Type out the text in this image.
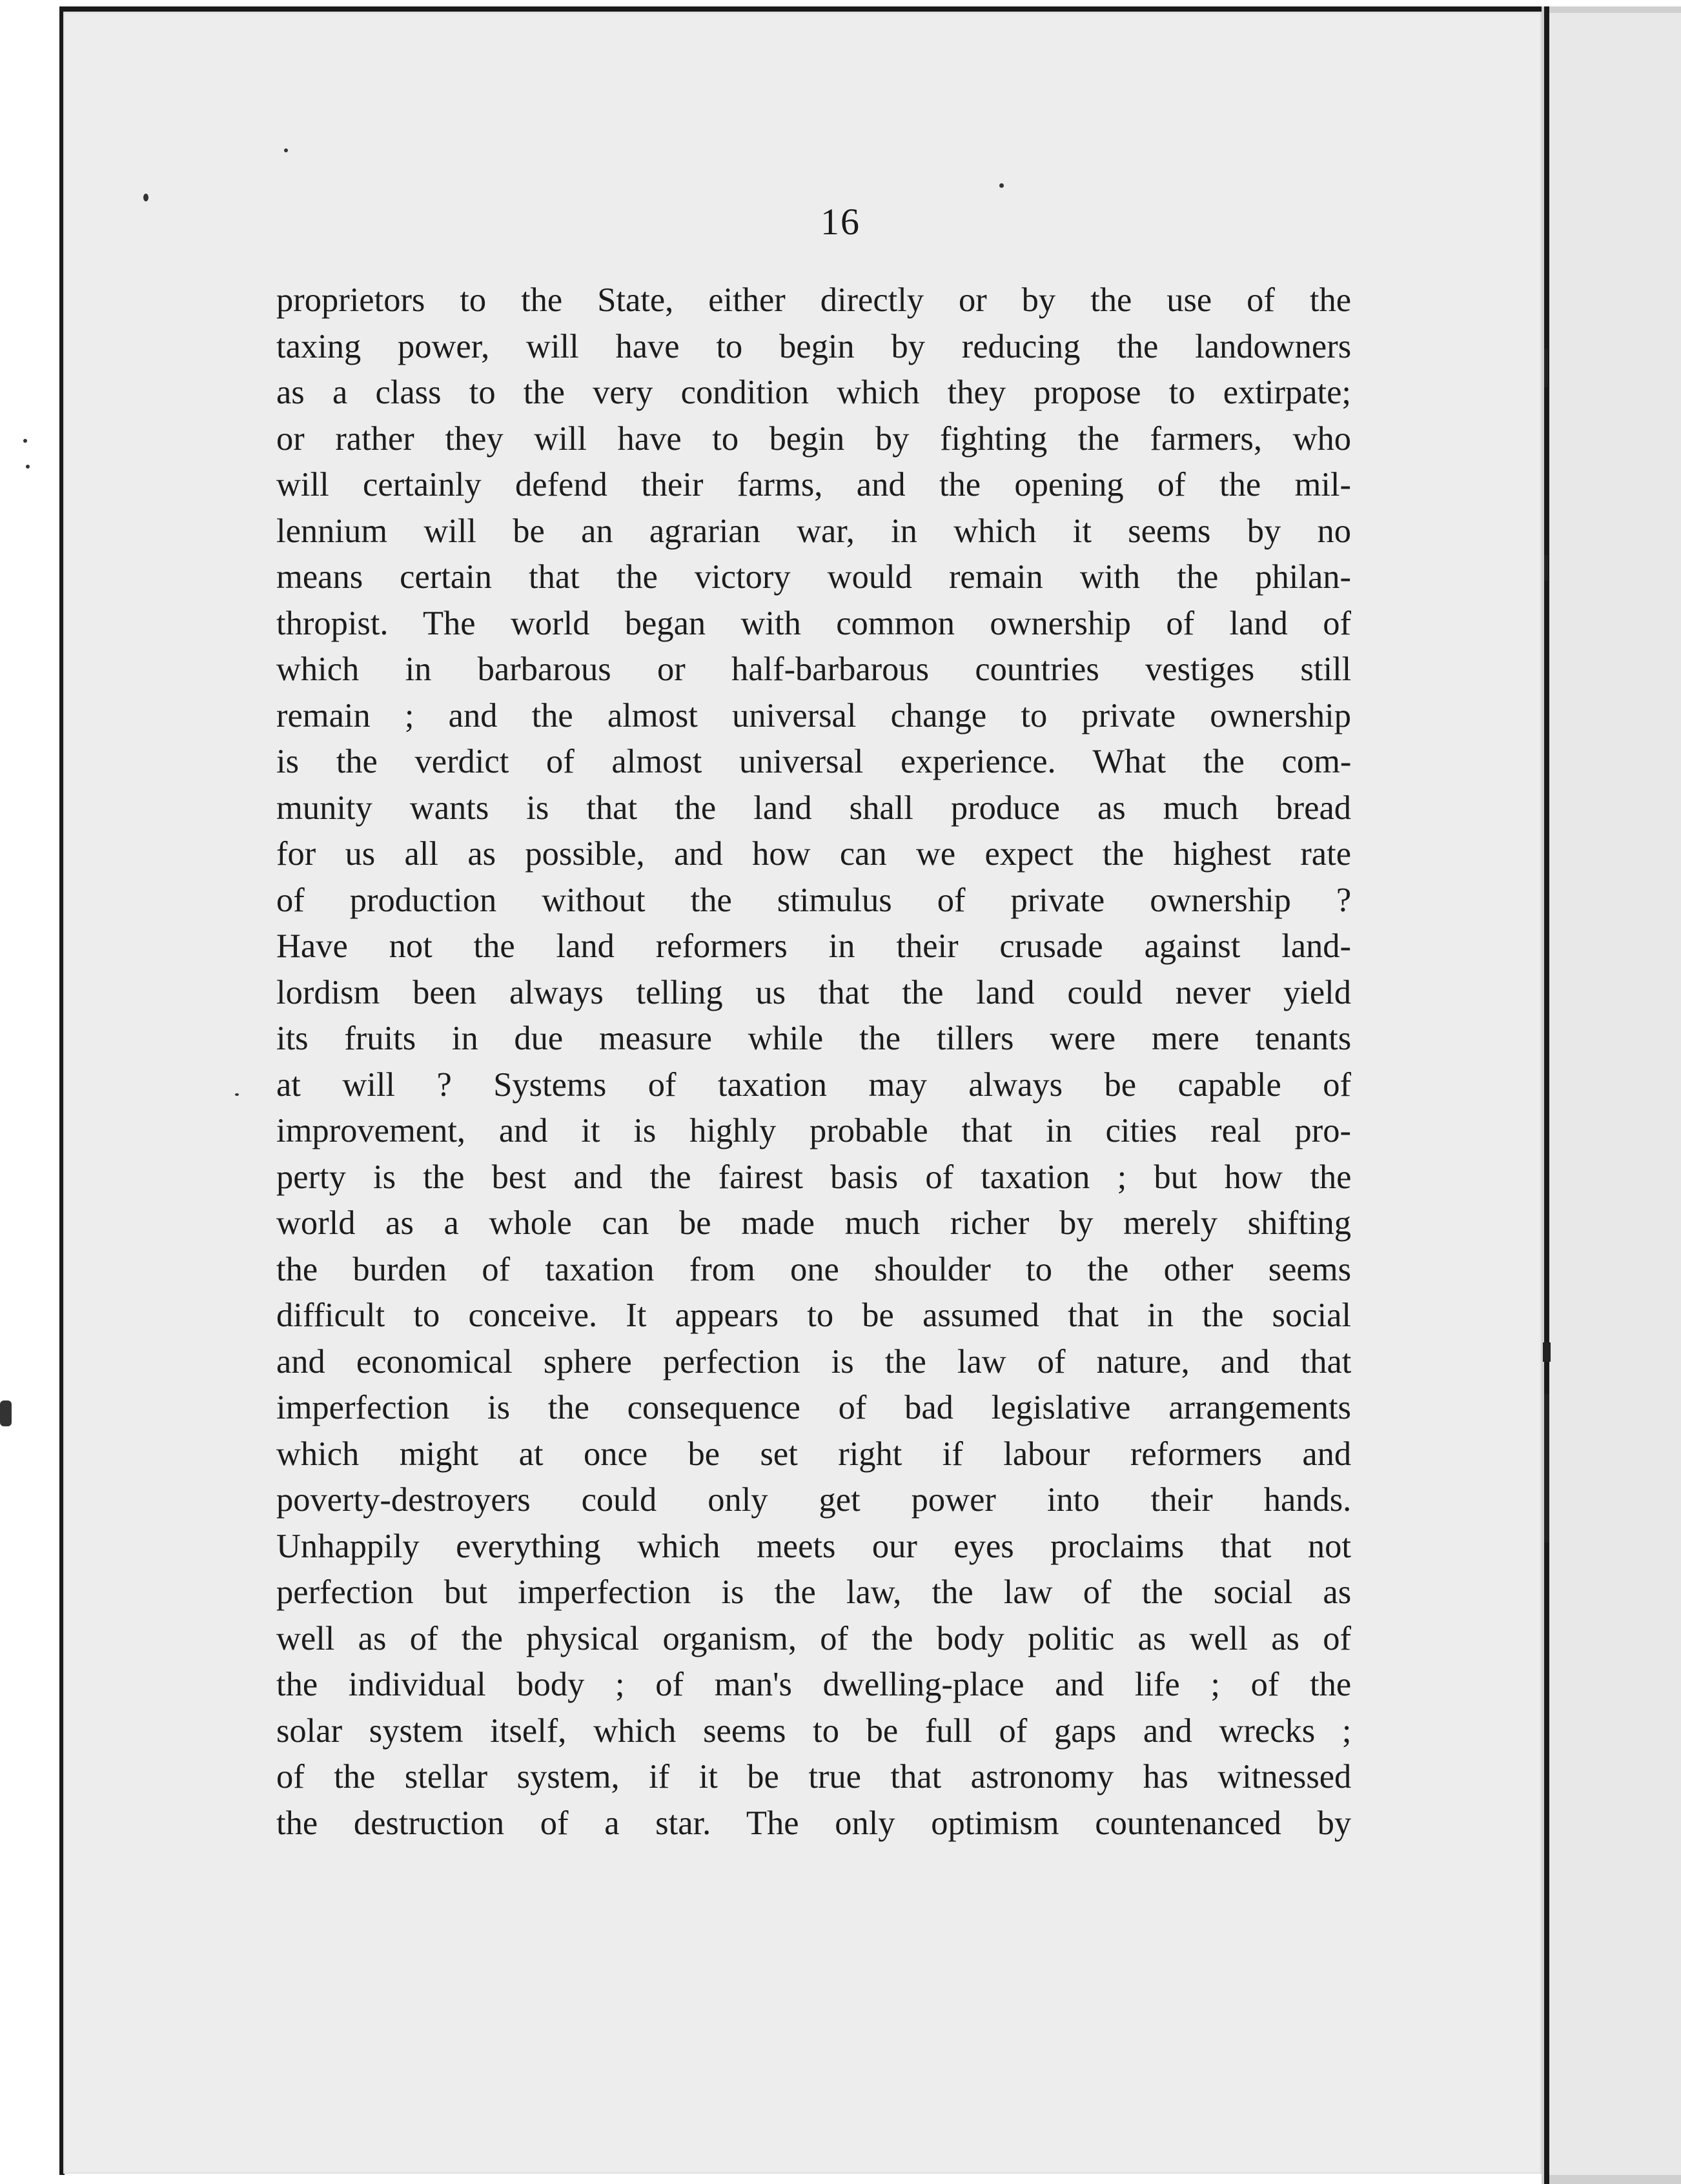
16
proprietors to the State, either directly or by the use of the
taxing power, will have to begin by reducing the landowners
as a class to the very condition which they propose to extirpate;
or rather they will have to begin by fighting the farmers, who
will certainly defend their farms, and the opening of the mil-
lennium will be an agrarian war, in which it seems by no
means certain that the victory would remain with the philan-
thropist. The world began with common ownership of land of
which in barbarous or half-barbarous countries vestiges still
remain ; and the almost universal change to private ownership
is the verdict of almost universal experience. What the com-
munity wants is that the land shall produce as much bread
for us all as possible, and how can we expect the highest rate
of production without the stimulus of private ownership ?
Have not the land reformers in their crusade against land-
lordism been always telling us that the land could never yield
its fruits in due measure while the tillers were mere tenants
at will ? Systems of taxation may always be capable of
improvement, and it is highly probable that in cities real pro-
perty is the best and the fairest basis of taxation ; but how the
world as a whole can be made much richer by merely shifting
the burden of taxation from one shoulder to the other seems
difficult to conceive. It appears to be assumed that in the social
and economical sphere perfection is the law of nature, and that
imperfection is the consequence of bad legislative arrangements
which might at once be set right if labour reformers and
poverty-destroyers could only get power into their hands.
Unhappily everything which meets our eyes proclaims that not
perfection but imperfection is the law, the law of the social as
well as of the physical organism, of the body politic as well as of
the individual body ; of man's dwelling-place and life ; of the
solar system itself, which seems to be full of gaps and wrecks ;
of the stellar system, if it be true that astronomy has witnessed
the destruction of a star. The only optimism countenanced by
